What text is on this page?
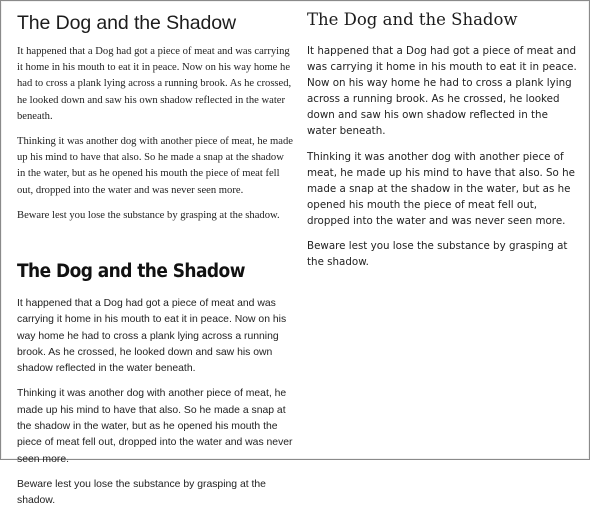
The Dog and the Shadow

It happened that a Dog had got a piece of meat and was carrying it home in his mouth to eat it in peace. Now on his way home he had to cross a plank lying across a running brook. As he crossed, he looked down and saw his own shadow reflected in the water beneath.

Thinking it was another dog with another piece of meat, he made up his mind to have that also. So he made a snap at the shadow in the water, but as he opened his mouth the piece of meat fell out, dropped into the water and was never seen more.

Beware lest you lose the substance by grasping at the shadow.

The Dog and the Shadow

It happened that a Dog had got a piece of meat and was carrying it home in his mouth to eat it in peace. Now on his way home he had to cross a plank lying across a running brook. As he crossed, he looked down and saw his own shadow reflected in the water beneath.

Thinking it was another dog with another piece of meat, he made up his mind to have that also. So he made a snap at the shadow in the water, but as he opened his mouth the piece of meat fell out, dropped into the water and was never seen more.

Beware lest you lose the substance by grasping at the shadow.

The Dog and the Shadow

It happened that a Dog had got a piece of meat and was carrying it home in his mouth to eat it in peace. Now on his way home he had to cross a plank lying across a running brook. As he crossed, he looked down and saw his own shadow reflected in the water beneath.

Thinking it was another dog with another piece of meat, he made up his mind to have that also. So he made a snap at the shadow in the water, but as he opened his mouth the piece of meat fell out, dropped into the water and was never seen more.

Beware lest you lose the substance by grasping at the shadow.
